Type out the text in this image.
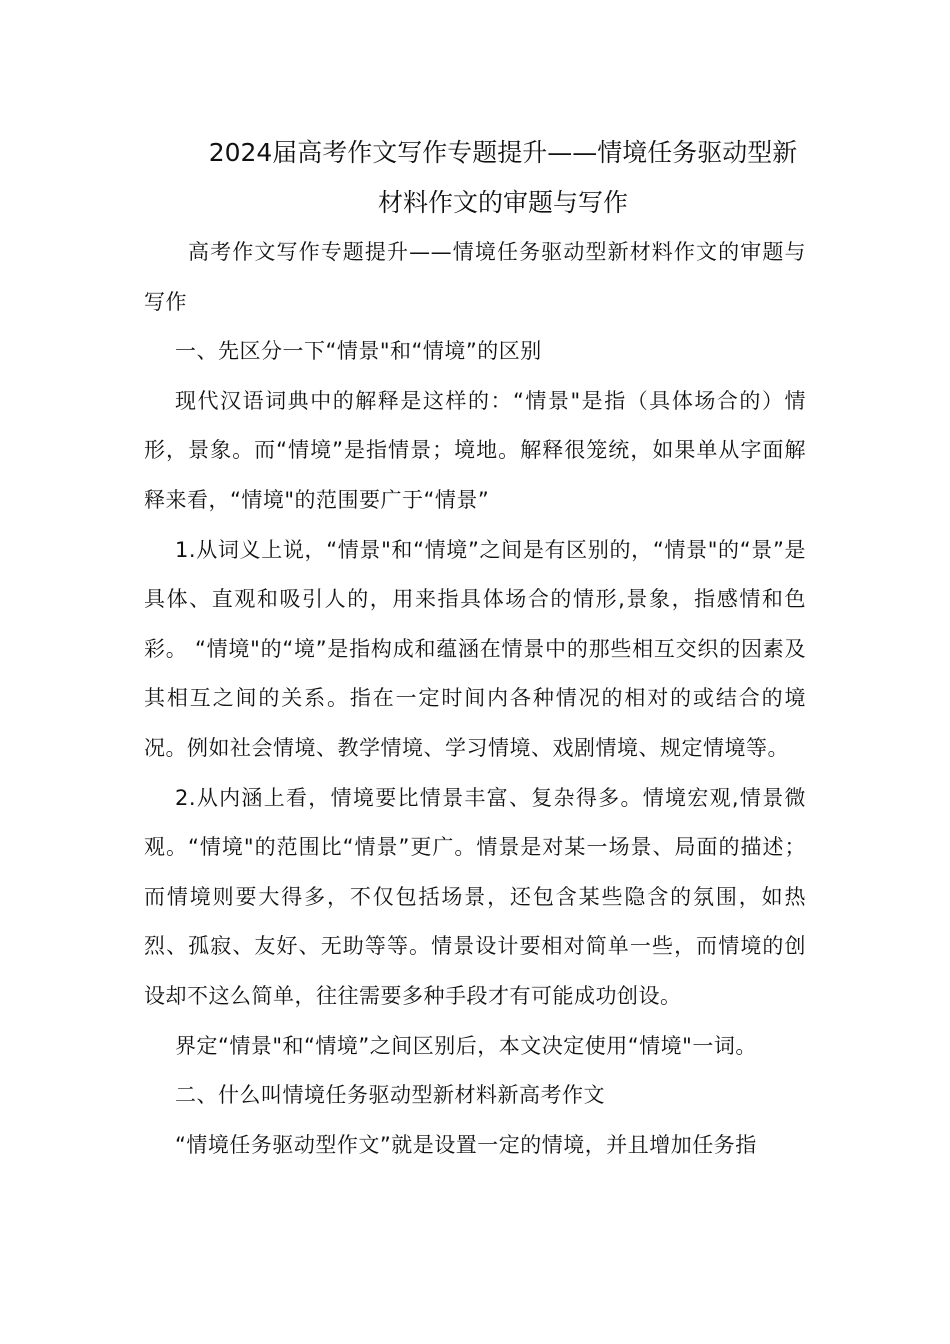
2024届高考作文写作专题提升——情境任务驱动型新材料作文的审题与写作

高考作文写作专题提升——情境任务驱动型新材料作文的审题与写作

一、先区分一下“情景"和“情境”的区别

现代汉语词典中的解释是这样的：“情景"是指（具体场合的）情形，景象。而“情境”是指情景；境地。解释很笼统，如果单从字面解释来看，“情境"的范围要广于“情景”

1.从词义上说，“情景"和“情境”之间是有区别的，“情景"的“景”是具体、直观和吸引人的，用来指具体场合的情形,景象，指感情和色彩。 “情境"的“境”是指构成和蕴涵在情景中的那些相互交织的因素及其相互之间的关系。指在一定时间内各种情况的相对的或结合的境况。例如社会情境、教学情境、学习情境、戏剧情境、规定情境等。

2.从内涵上看，情境要比情景丰富、复杂得多。情境宏观,情景微观。“情境"的范围比“情景”更广。情景是对某一场景、局面的描述；而情境则要大得多，不仅包括场景，还包含某些隐含的氛围，如热烈、孤寂、友好、无助等等。情景设计要相对简单一些，而情境的创设却不这么简单，往往需要多种手段才有可能成功创设。

界定“情景"和“情境”之间区别后，本文决定使用“情境"一词。

二、什么叫情境任务驱动型新材料新高考作文

“情境任务驱动型作文”就是设置一定的情境，并且增加任务指
